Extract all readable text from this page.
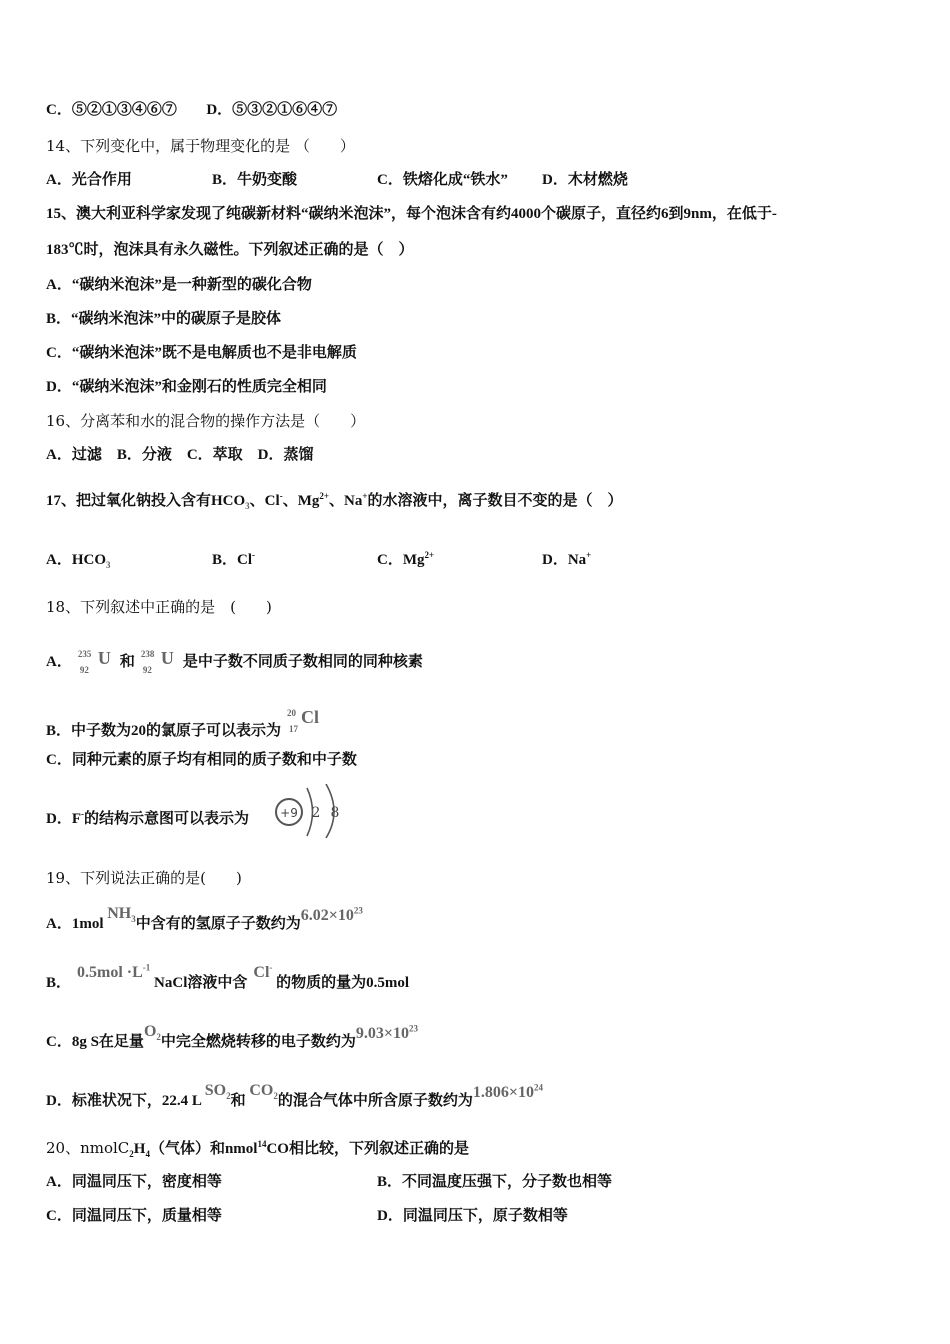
C．⑤②①③④⑥⑦ D．⑤③②①⑥④⑦
14、下列变化中，属于物理变化的是 （　　）
A．光合作用	B．牛奶变酸	C．铁熔化成“铁水” D．木材燃烧
15、澳大利亚科学家发现了纯碳新材料“碳纳米泡沫”，每个泡沫含有约4000个碳原子，直径约6到9nm，在低于-
183℃时，泡沫具有永久磁性。下列叙述正确的是（　）
A．“碳纳米泡沫”是一种新型的碳化合物
B．“碳纳米泡沫”中的碳原子是胶体
C．“碳纳米泡沫”既不是电解质也不是非电解质
D．“碳纳米泡沫”和金刚石的性质完全相同
16、分离苯和水的混合物的操作方法是（　　）
A．过滤　B．分液　C．萃取　D．蒸馏
17、把过氧化钠投入含有$HCO_3$、Cl-、$Mg^{2+}$、Na+的水溶液中，离子数目不变的是（　）
A．$HCO_3$	B．Cl-	C．$Mg^{2+}$	D．Na+
18、下列叙述中正确的是　(　　)
A． 235
92
U 和 238
92
U 是中子数不同质子数相同的同种核素
B．中子数为20的氯原子可以表示为
20
17
Cl
C．同种元素的原子均有相同的质子数和中子数
D．F-的结构示意图可以表示为	+9 2 8
19、下列说法正确的是(　　)
A．1mol $NH_3$中含有的氢原子子数约为$6.02\times 10^{23}$
B．$0.5mol \cdot L^{-1}$ NaCl溶液中含Cl- 的物质的量为0.5mol
C．8g S在足量$O_2$中完全燃烧转移的电子数约为$9.03\times 10^{23}$
D．标准状况下，22.4 L $SO_2$和 $CO_2$的混合气体中所含原子数约为$1.806\times 10^{24}$
20、$nmolC_2H_4$（气体）和nmol$^{14}$CO相比较，下列叙述正确的是
A．同温同压下，密度相等	B．不同温度压强下，分子数也相等
C．同温同压下，质量相等	D．同温同压下，原子数相等
